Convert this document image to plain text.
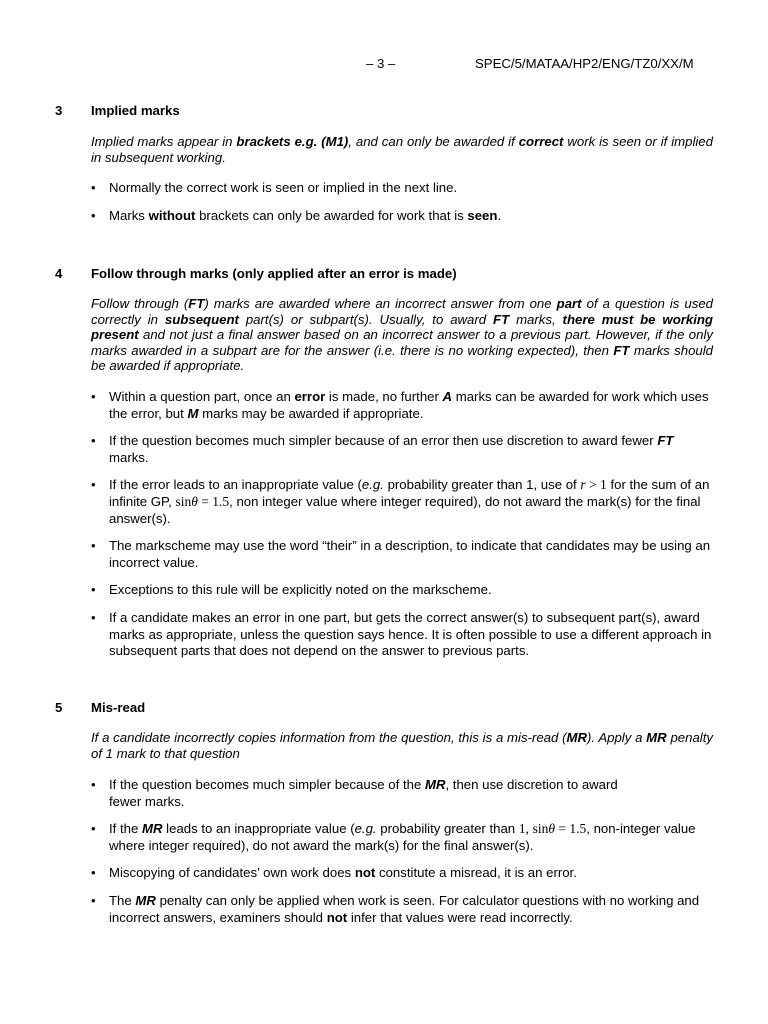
– 3 –	SPEC/5/MATAA/HP2/ENG/TZ0/XX/M
3 Implied marks
Implied marks appear in brackets e.g. (M1), and can only be awarded if correct work is seen or if implied in subsequent working.
• Normally the correct work is seen or implied in the next line.
• Marks without brackets can only be awarded for work that is seen.
4 Follow through marks (only applied after an error is made)
Follow through (FT) marks are awarded where an incorrect answer from one part of a question is used correctly in subsequent part(s) or subpart(s). Usually, to award FT marks, there must be working present and not just a final answer based on an incorrect answer to a previous part. However, if the only marks awarded in a subpart are for the answer (i.e. there is no working expected), then FT marks should be awarded if appropriate.
• Within a question part, once an error is made, no further A marks can be awarded for work which uses the error, but M marks may be awarded if appropriate.
• If the question becomes much simpler because of an error then use discretion to award fewer FT marks.
• If the error leads to an inappropriate value (e.g. probability greater than 1, use of r > 1 for the sum of an infinite GP, sinθ = 1.5, non integer value where integer required), do not award the mark(s) for the final answer(s).
• The markscheme may use the word “their” in a description, to indicate that candidates may be using an incorrect value.
• Exceptions to this rule will be explicitly noted on the markscheme.
• If a candidate makes an error in one part, but gets the correct answer(s) to subsequent part(s), award marks as appropriate, unless the question says hence. It is often possible to use a different approach in subsequent parts that does not depend on the answer to previous parts.
5 Mis-read
If a candidate incorrectly copies information from the question, this is a mis-read (MR). Apply a MR penalty of 1 mark to that question
• If the question becomes much simpler because of the MR, then use discretion to award fewer marks.
• If the MR leads to an inappropriate value (e.g. probability greater than 1, sinθ = 1.5, non-integer value where integer required), do not award the mark(s) for the final answer(s).
• Miscopying of candidates’ own work does not constitute a misread, it is an error.
• The MR penalty can only be applied when work is seen. For calculator questions with no working and incorrect answers, examiners should not infer that values were read incorrectly.
